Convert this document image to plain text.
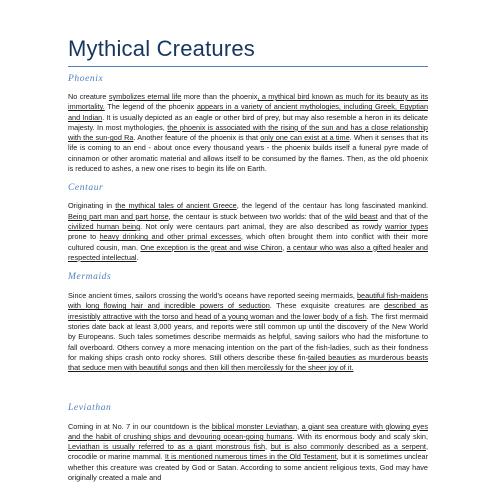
Mythical Creatures
Phoenix

No creature symbolizes eternal life more than the phoenix, a mythical bird known as much for its beauty as its immortality. The legend of the phoenix appears in a variety of ancient mythologies, including Greek, Egyptian and Indian. It is usually depicted as an eagle or other bird of prey, but may also resemble a heron in its delicate majesty. In most mythologies, the phoenix is associated with the rising of the sun and has a close relationship with the sun-god Ra. Another feature of the phoenix is that only one can exist at a time. When it senses that its life is coming to an end - about once every thousand years - the phoenix builds itself a funeral pyre made of cinnamon or other aromatic material and allows itself to be consumed by the flames. Then, as the old phoenix is reduced to ashes, a new one rises to begin its life on Earth.

Centaur

Originating in the mythical tales of ancient Greece, the legend of the centaur has long fascinated mankind. Being part man and part horse, the centaur is stuck between two worlds: that of the wild beast and that of the civilized human being. Not only were centaurs part animal, they are also described as rowdy warrior types prone to heavy drinking and other primal excesses, which often brought them into conflict with their more cultured cousin, man. One exception is the great and wise Chiron, a centaur who was also a gifted healer and respected intellectual.

Mermaids

Since ancient times, sailors crossing the world's oceans have reported seeing mermaids, beautiful fish-maidens with long flowing hair and incredible powers of seduction. These exquisite creatures are described as irresistibly attractive with the torso and head of a young woman and the lower body of a fish. The first mermaid stories date back at least 3,000 years, and reports were still common up until the discovery of the New World by Europeans. Such tales sometimes describe mermaids as helpful, saving sailors who had the misfortune to fall overboard. Others convey a more menacing intention on the part of the fish-ladies, such as their fondness for making ships crash onto rocky shores. Still others describe these fin-tailed beauties as murderous beasts that seduce men with beautiful songs and then kill then mercilessly for the sheer joy of it.

Leviathan

Coming in at No. 7 in our countdown is the biblical monster Leviathan, a giant sea creature with glowing eyes and the habit of crushing ships and devouring ocean-going humans. With its enormous body and scaly skin, Leviathan is usually referred to as a giant monstrous fish, but is also commonly described as a serpent, crocodile or marine mammal. It is mentioned numerous times in the Old Testament, but it is sometimes unclear whether this creature was created by God or Satan. According to some ancient religious texts, God may have originally created a male and
